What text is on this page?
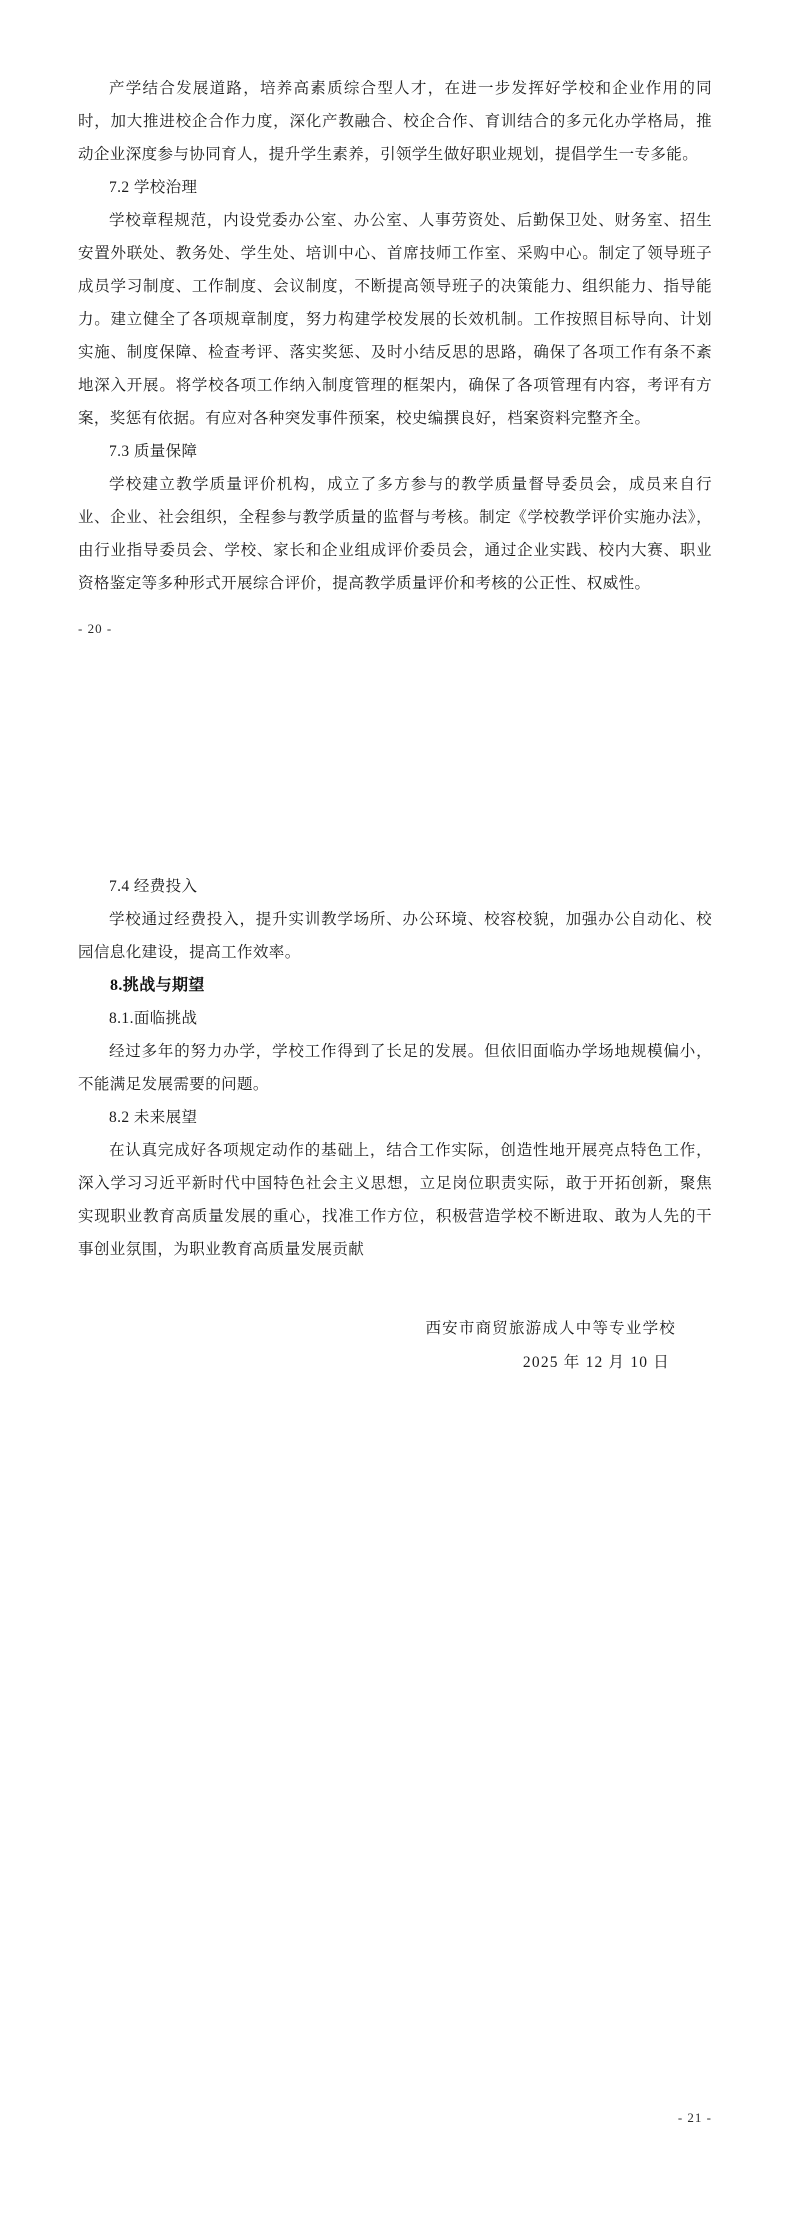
产学结合发展道路，培养高素质综合型人才，在进一步发挥好学校和企业作用的同时，加大推进校企合作力度，深化产教融合、校企合作、育训结合的多元化办学格局，推动企业深度参与协同育人，提升学生素养，引领学生做好职业规划，提倡学生一专多能。

7.2 学校治理

学校章程规范，内设党委办公室、办公室、人事劳资处、后勤保卫处、财务室、招生安置外联处、教务处、学生处、培训中心、首席技师工作室、采购中心。制定了领导班子成员学习制度、工作制度、会议制度，不断提高领导班子的决策能力、组织能力、指导能力。建立健全了各项规章制度，努力构建学校发展的长效机制。工作按照目标导向、计划实施、制度保障、检查考评、落实奖惩、及时小结反思的思路，确保了各项工作有条不紊地深入开展。将学校各项工作纳入制度管理的框架内，确保了各项管理有内容，考评有方案，奖惩有依据。有应对各种突发事件预案，校史编撰良好，档案资料完整齐全。

7.3 质量保障

学校建立教学质量评价机构，成立了多方参与的教学质量督导委员会，成员来自行业、企业、社会组织，全程参与教学质量的监督与考核。制定《学校教学评价实施办法》，由行业指导委员会、学校、家长和企业组成评价委员会，通过企业实践、校内大赛、职业资格鉴定等多种形式开展综合评价，提高教学质量评价和考核的公正性、权威性。

- 20 -
7.4 经费投入

学校通过经费投入，提升实训教学场所、办公环境、校容校貌，加强办公自动化、校园信息化建设，提高工作效率。

8.挑战与期望
8.1.面临挑战

经过多年的努力办学，学校工作得到了长足的发展。但依旧面临办学场地规模偏小，不能满足发展需要的问题。

8.2 未来展望

在认真完成好各项规定动作的基础上，结合工作实际，创造性地开展亮点特色工作，深入学习习近平新时代中国特色社会主义思想，立足岗位职责实际，敢于开拓创新，聚焦实现职业教育高质量发展的重心，找准工作方位，积极营造学校不断进取、敢为人先的干事创业氛围，为职业教育高质量发展贡献

西安市商贸旅游成人中等专业学校
2025 年 12 月 10 日
- 21 -
